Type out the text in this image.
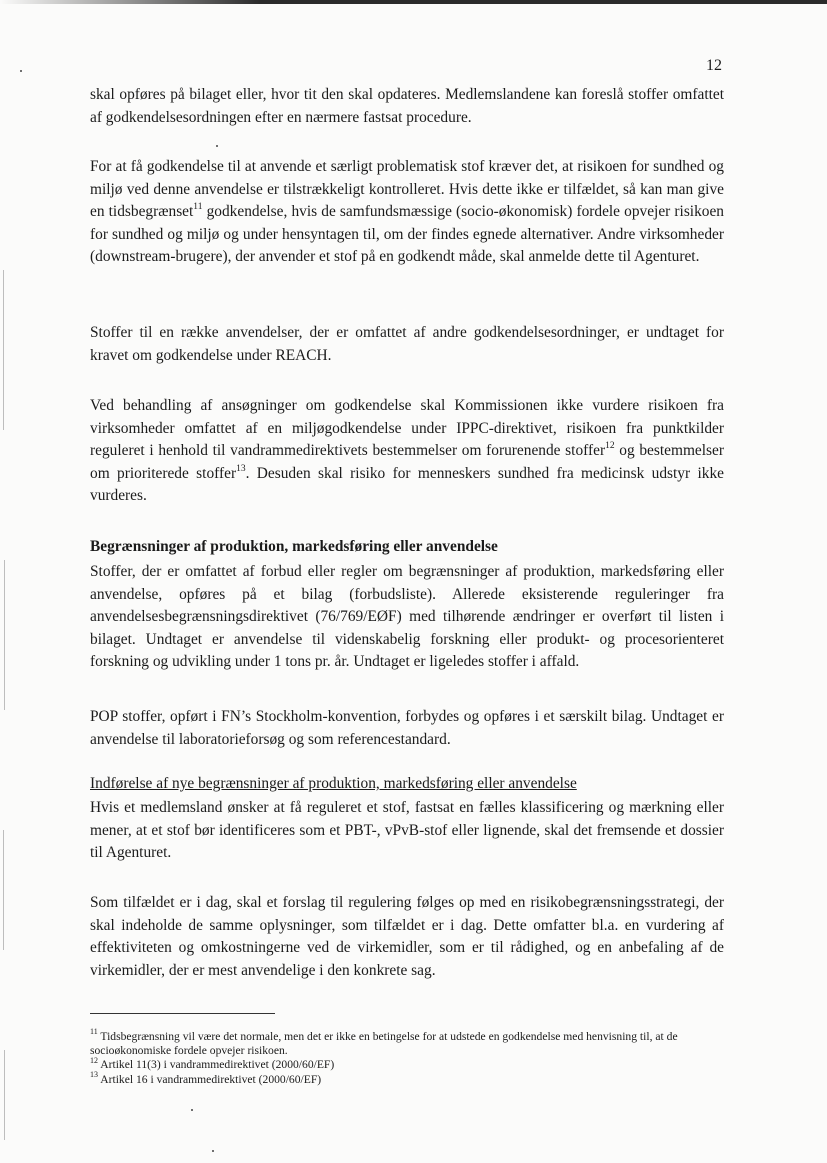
12

skal opføres på bilaget eller, hvor tit den skal opdateres. Medlemslandene kan foreslå stoffer omfattet af godkendelsesordningen efter en nærmere fastsat procedure.

For at få godkendelse til at anvende et særligt problematisk stof kræver det, at risikoen for sundhed og miljø ved denne anvendelse er tilstrækkeligt kontrolleret. Hvis dette ikke er tilfældet, så kan man give en tidsbegrænset$^{11}$ godkendelse, hvis de samfundsmæssige (socio-økonomisk) fordele opvejer risikoen for sundhed og miljø og under hensyntagen til, om der findes egnede alternativer. Andre virksomheder (downstream-brugere), der anvender et stof på en godkendt måde, skal anmelde dette til Agenturet.

Stoffer til en række anvendelser, der er omfattet af andre godkendelsesordninger, er undtaget for kravet om godkendelse under REACH.

Ved behandling af ansøgninger om godkendelse skal Kommissionen ikke vurdere risikoen fra virksomheder omfattet af en miljøgodkendelse under IPPC-direktivet, risikoen fra punktkilder reguleret i henhold til vandrammedirektivets bestemmelser om forurenende stoffer$^{12}$ og bestemmelser om prioriterede stoffer$^{13}$. Desuden skal risiko for menneskers sundhed fra medicinsk udstyr ikke vurderes.

Begrænsninger af produktion, markedsføring eller anvendelse

Stoffer, der er omfattet af forbud eller regler om begrænsninger af produktion, markedsføring eller anvendelse, opføres på et bilag (forbudsliste). Allerede eksisterende reguleringer fra anvendelsesbegrænsningsdirektivet (76/769/EØF) med tilhørende ændringer er overført til listen i bilaget. Undtaget er anvendelse til videnskabelig forskning eller produkt- og procesorienteret forskning og udvikling under 1 tons pr. år. Undtaget er ligeledes stoffer i affald.

POP stoffer, opført i FN’s Stockholm-konvention, forbydes og opføres i et særskilt bilag. Undtaget er anvendelse til laboratorieforsøg og som referencestandard.

Indførelse af nye begrænsninger af produktion, markedsføring eller anvendelse

Hvis et medlemsland ønsker at få reguleret et stof, fastsat en fælles klassificering og mærkning eller mener, at et stof bør identificeres som et PBT-, vPvB-stof eller lignende, skal det fremsende et dossier til Agenturet.

Som tilfældet er i dag, skal et forslag til regulering følges op med en risikobegrænsningsstrategi, der skal indeholde de samme oplysninger, som tilfældet er i dag. Dette omfatter bl.a. en vurdering af effektiviteten og omkostningerne ved de virkemidler, som er til rådighed, og en anbefaling af de virkemidler, der er mest anvendelige i den konkrete sag.

$^{11}$ Tidsbegrænsning vil være det normale, men det er ikke en betingelse for at udstede en godkendelse med henvisning til, at de socioøkonomiske fordele opvejer risikoen.
$^{12}$ Artikel 11(3) i vandrammedirektivet (2000/60/EF)
$^{13}$ Artikel 16 i vandrammedirektivet (2000/60/EF)
